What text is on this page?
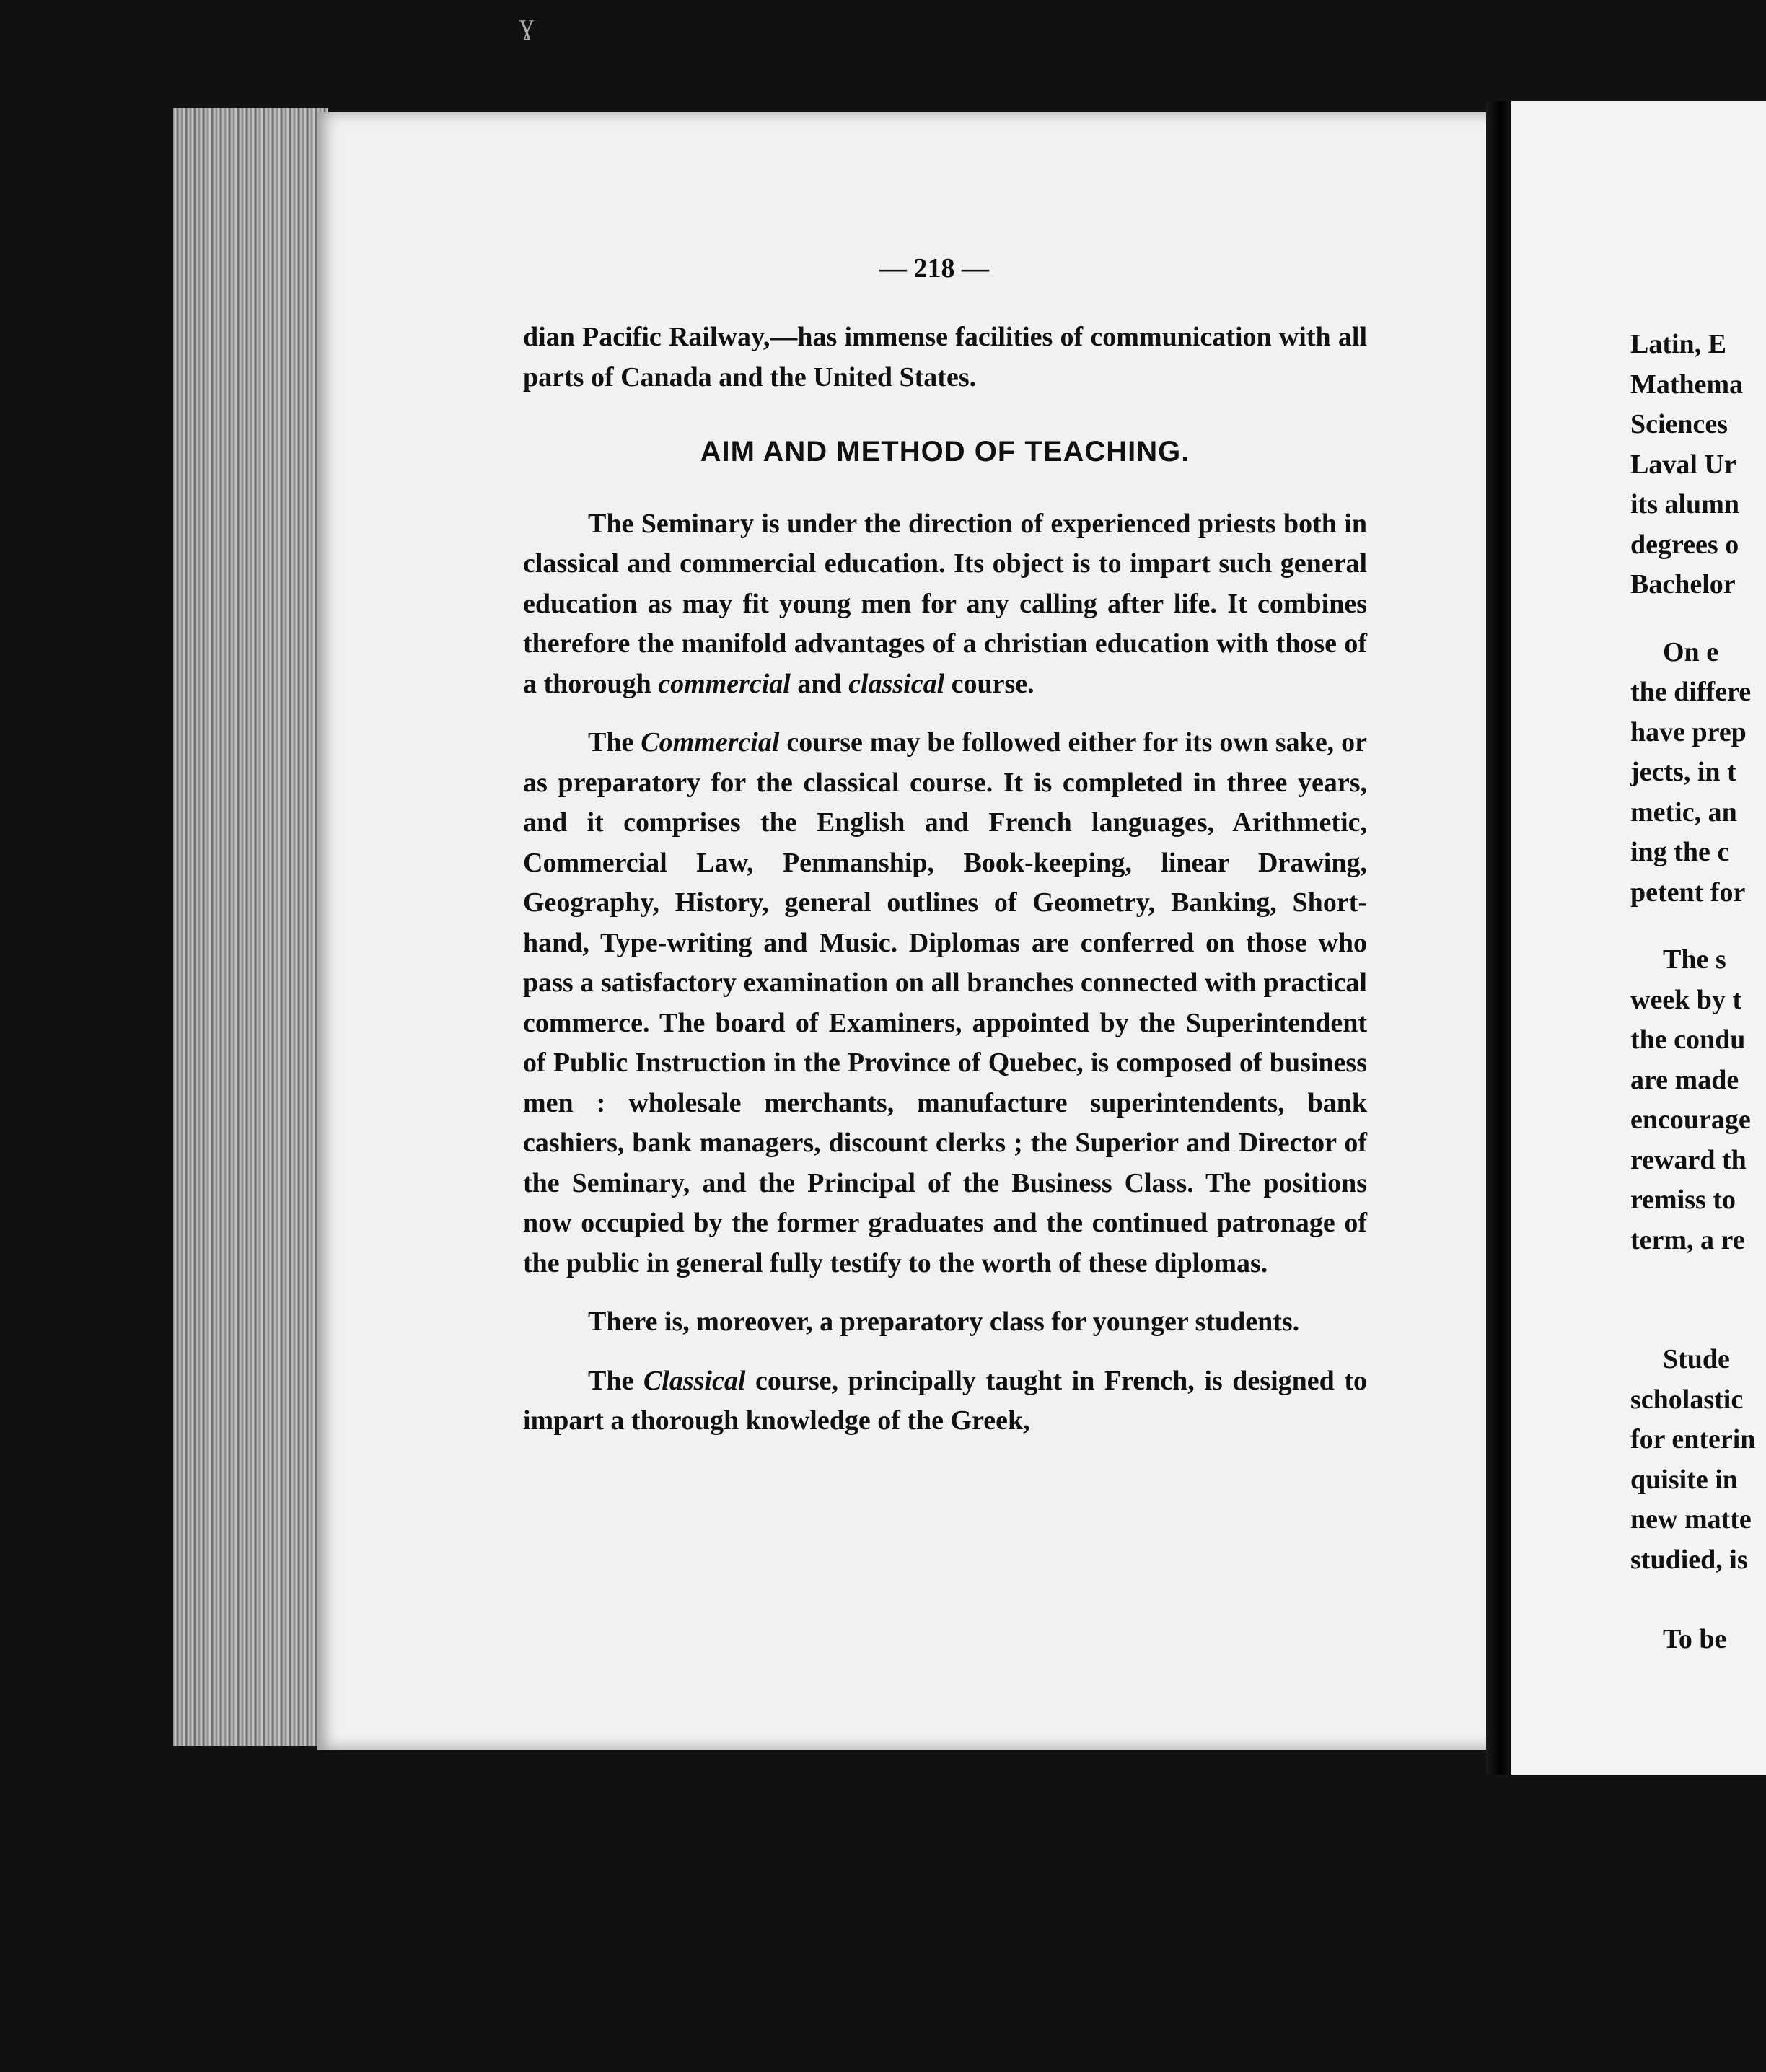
ɣ
— 218 —

dian Pacific Railway,—has immense facilities of communication with all parts of Canada and the United States.

AIM AND METHOD OF TEACHING.

The Seminary is under the direction of experienced priests both in classical and commercial education. Its object is to impart such general education as may fit young men for any calling after life. It combines therefore the manifold advantages of a christian education with those of a thorough commercial and classical course.

The Commercial course may be followed either for its own sake, or as preparatory for the classical course. It is completed in three years, and it comprises the English and French languages, Arithmetic, Commercial Law, Penmanship, Book-keeping, linear Drawing, Geography, History, general outlines of Geometry, Banking, Short-hand, Type-writing and Music. Diplomas are conferred on those who pass a satisfactory examination on all branches connected with practical commerce. The board of Examiners, appointed by the Superintendent of Public Instruction in the Province of Quebec, is composed of business men : wholesale merchants, manufacture superintendents, bank cashiers, bank managers, discount clerks ; the Superior and Director of the Seminary, and the Principal of the Business Class. The positions now occupied by the former graduates and the continued patronage of the public in general fully testify to the worth of these diplomas.

There is, moreover, a preparatory class for younger students.

The Classical course, principally taught in French, is designed to impart a thorough knowledge of the Greek,

Latin, E
Mathema
Sciences
Laval Ur
its alumn
degrees o
Bachelor
On e
the differe
have prep
jects, in t
metic, an
ing the c
petent for
The s
week by t
the condu
are made
encourage
reward th
remiss to
term, a re
Stude
scholastic
for enterin
quisite in
new matte
studied, is
To be
